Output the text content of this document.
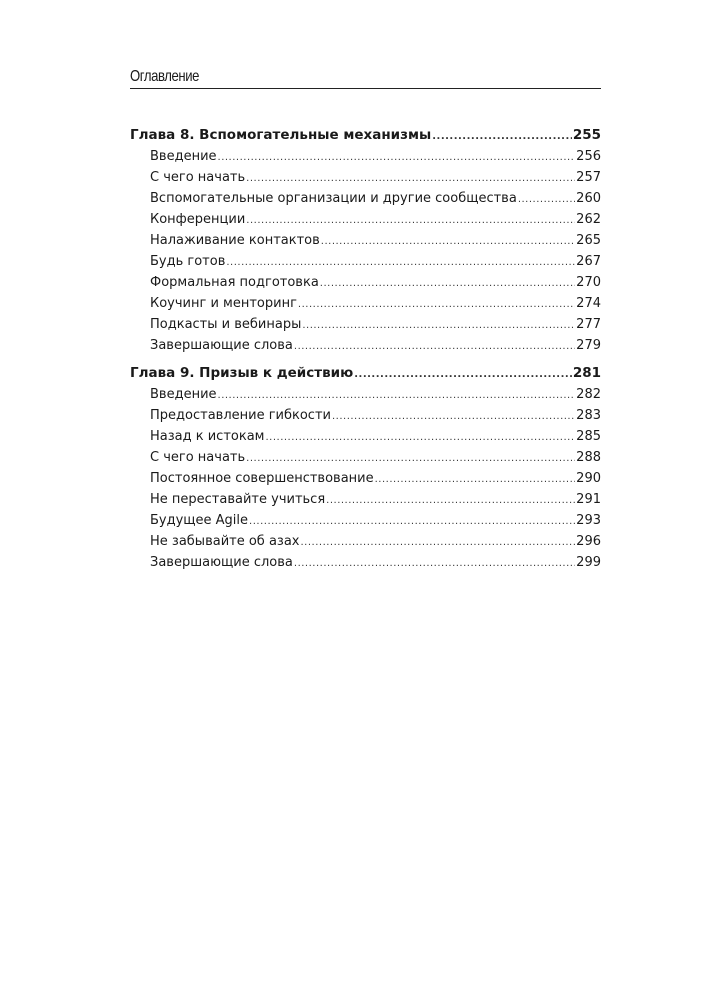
Оглавление
Глава 8. Вспомогательные механизмы .....	255
Введение .....	256
С чего начать .....	257
Вспомогательные организации и другие сообщества .....	260
Конференции .....	262
Налаживание контактов .....	265
Будь готов .....	267
Формальная подготовка .....	270
Коучинг и менторинг .....	274
Подкасты и вебинары .....	277
Завершающие слова .....	279
Глава 9. Призыв к действию .....	281
Введение .....	282
Предоставление гибкости .....	283
Назад к истокам .....	285
С чего начать .....	288
Постоянное совершенствование .....	290
Не переставайте учиться .....	291
Будущее Agile .....	293
Не забывайте об азах .....	296
Завершающие слова .....	299
